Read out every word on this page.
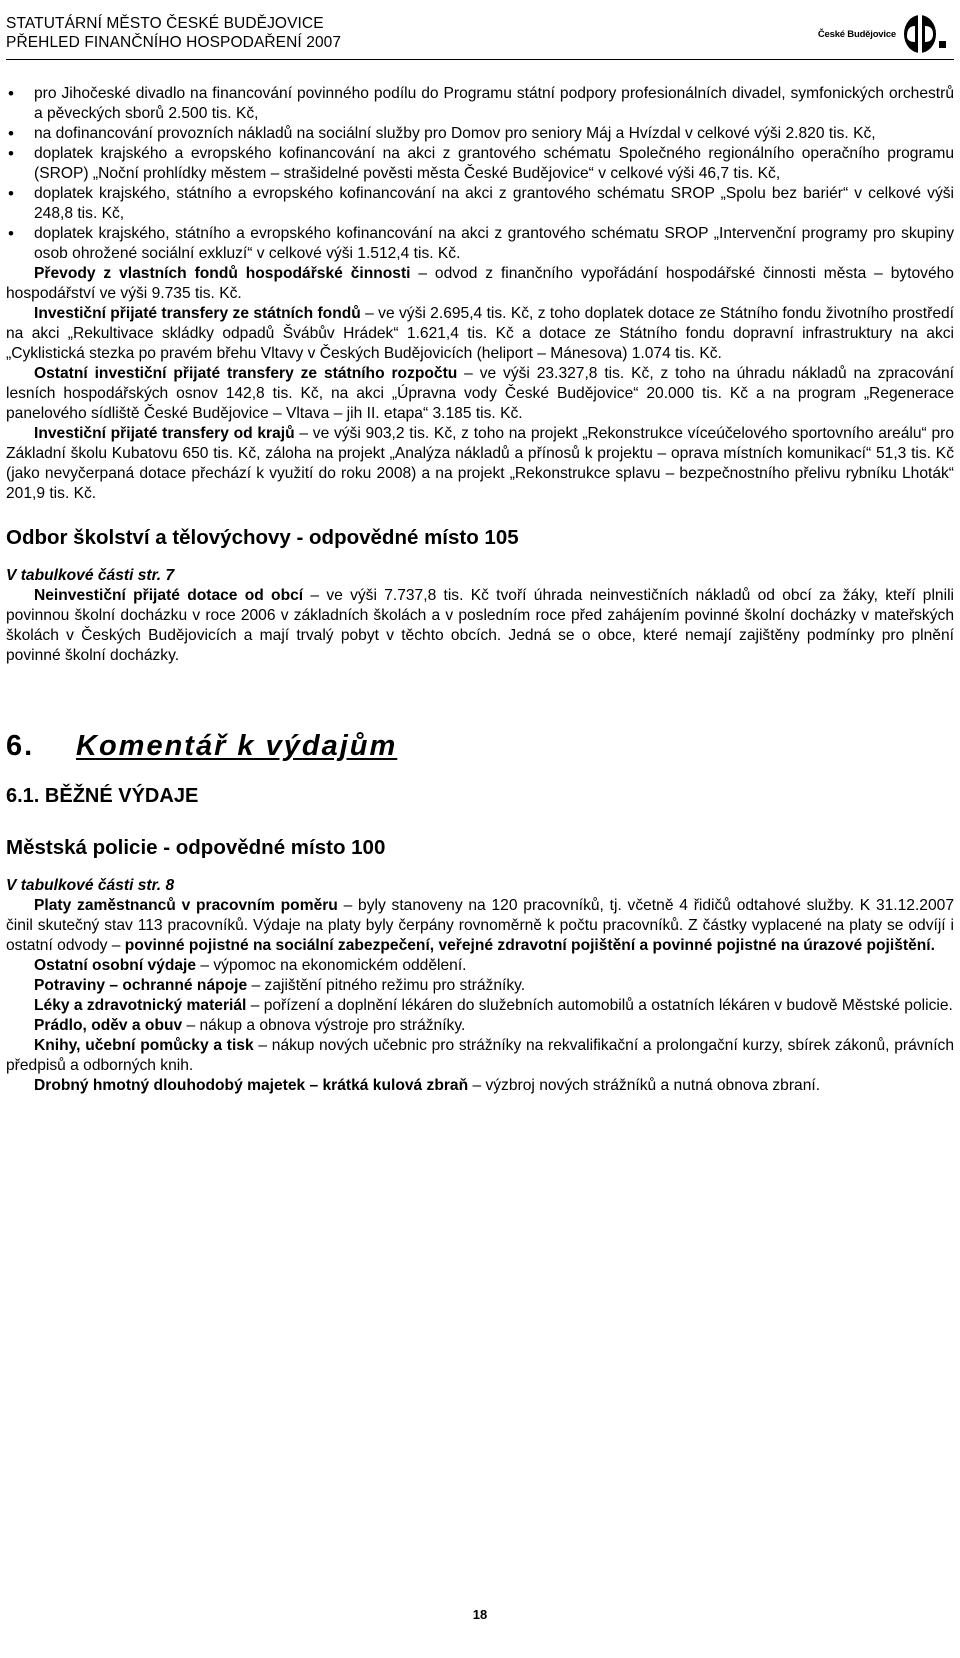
STATUTÁRNÍ MĚSTO ČESKÉ BUDĚJOVICE
PŘEHLED FINANČNÍHO HOSPODAŘENÍ 2007	České Budějovice
• pro Jihočeské divadlo na financování povinného podílu do Programu státní podpory profesionálních divadel, symfonických orchestrů a pěveckých sborů 2.500 tis. Kč,
• na dofinancování provozních nákladů na sociální služby pro Domov pro seniory Máj a Hvízdal v celkové výši 2.820 tis. Kč,
• doplatek krajského a evropského kofinancování na akci z grantového schématu Společného regionálního operačního programu (SROP) „Noční prohlídky městem – strašidelné pověsti města České Budějovice“ v celkové výši 46,7 tis. Kč,
• doplatek krajského, státního a evropského kofinancování na akci z grantového schématu SROP „Spolu bez bariér“ v celkové výši 248,8 tis. Kč,
• doplatek krajského, státního a evropského kofinancování na akci z grantového schématu SROP „Intervenční programy pro skupiny osob ohrožené sociální exkluzí“ v celkové výši 1.512,4 tis. Kč.

Převody z vlastních fondů hospodářské činnosti – odvod z finančního vypořádání hospodářské činnosti města – bytového hospodářství ve výši 9.735 tis. Kč.

Investiční přijaté transfery ze státních fondů – ve výši 2.695,4 tis. Kč, z toho doplatek dotace ze Státního fondu životního prostředí na akci „Rekultivace skládky odpadů Švábův Hrádek“ 1.621,4 tis. Kč a dotace ze Státního fondu dopravní infrastruktury na akci „Cyklistická stezka po pravém břehu Vltavy v Českých Budějovicích (heliport – Mánesova) 1.074 tis. Kč.

Ostatní investiční přijaté transfery ze státního rozpočtu – ve výši 23.327,8 tis. Kč, z toho na úhradu nákladů na zpracování lesních hospodářských osnov 142,8 tis. Kč, na akci „Úpravna vody České Budějovice“ 20.000 tis. Kč a na program „Regenerace panelového sídliště České Budějovice – Vltava – jih II. etapa“ 3.185 tis. Kč.

Investiční přijaté transfery od krajů – ve výši 903,2 tis. Kč, z toho na projekt „Rekonstrukce víceúčelového sportovního areálu“ pro Základní školu Kubatovu 650 tis. Kč, záloha na projekt „Analýza nákladů a přínosů k projektu – oprava místních komunikací“ 51,3 tis. Kč (jako nevyčerpaná dotace přechází k využití do roku 2008) a na projekt „Rekonstrukce splavu – bezpečnostního přelivu rybníku Lhoták“ 201,9 tis. Kč.

Odbor školství a tělovýchovy - odpovědné místo 105
V tabulkové části str. 7

Neinvestiční přijaté dotace od obcí – ve výši 7.737,8 tis. Kč tvoří úhrada neinvestičních nákladů od obcí za žáky, kteří plnili povinnou školní docházku v roce 2006 v základních školách a v posledním roce před zahájením povinné školní docházky v mateřských školách v Českých Budějovicích a mají trvalý pobyt v těchto obcích. Jedná se o obce, které nemají zajištěny podmínky pro plnění povinné školní docházky.

6. Komentář k výdajům
6.1. BĚŽNÉ VÝDAJE
Městská policie - odpovědné místo 100
V tabulkové části str. 8

Platy zaměstnanců v pracovním poměru – byly stanoveny na 120 pracovníků, tj. včetně 4 řidičů odtahové služby. K 31.12.2007 činil skutečný stav 113 pracovníků. Výdaje na platy byly čerpány rovnoměrně k počtu pracovníků. Z částky vyplacené na platy se odvíjí i ostatní odvody – povinné pojistné na sociální zabezpečení, veřejné zdravotní pojištění a povinné pojistné na úrazové pojištění.

Ostatní osobní výdaje – výpomoc na ekonomickém oddělení.

Potraviny – ochranné nápoje – zajištění pitného režimu pro strážníky.

Léky a zdravotnický materiál – pořízení a doplnění lékáren do služebních automobilů a ostatních lékáren v budově Městské policie.

Prádlo, oděv a obuv – nákup a obnova výstroje pro strážníky.

Knihy, učební pomůcky a tisk – nákup nových učebnic pro strážníky na rekvalifikační a prolongační kurzy, sbírek zákonů, právních předpisů a odborných knih.

Drobný hmotný dlouhodobý majetek – krátká kulová zbraň – výzbroj nových strážníků a nutná obnova zbraní.

18
